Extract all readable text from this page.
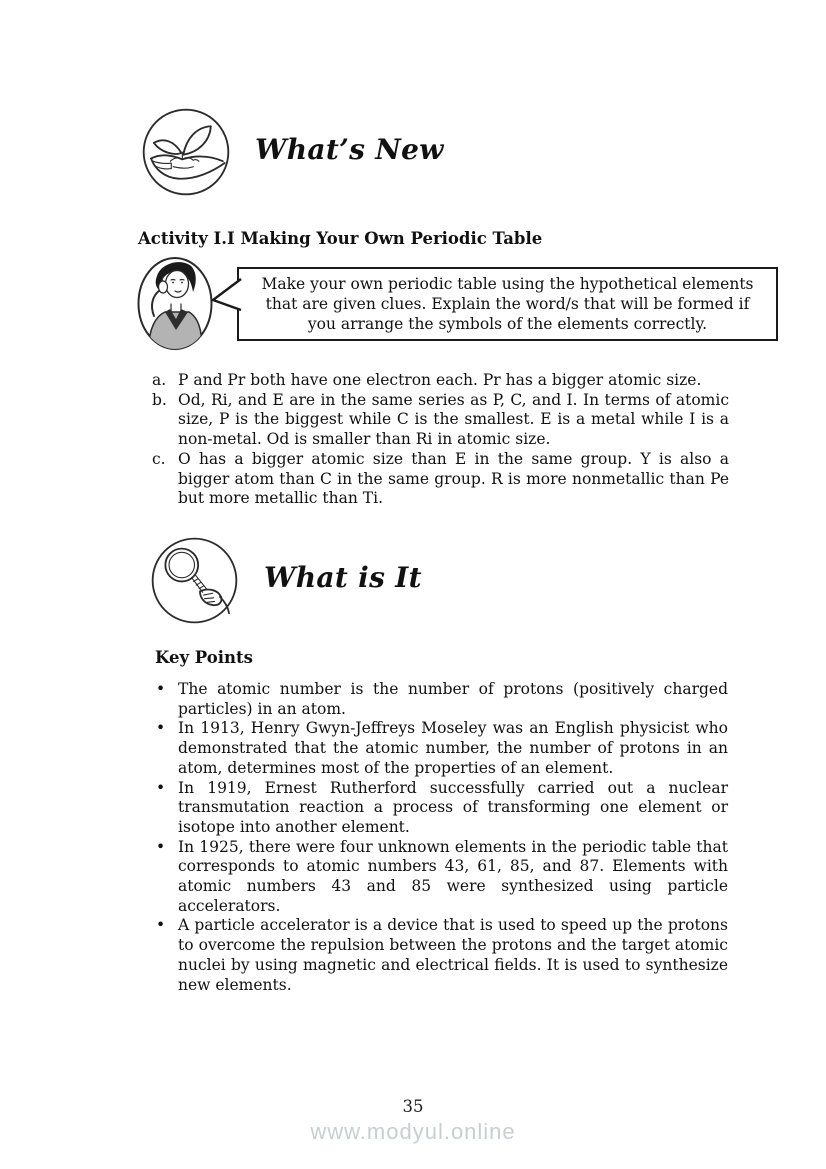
What’s New
Activity I.I Making Your Own Periodic Table

Make your own periodic table using the hypothetical elements that are given clues. Explain the word/s that will be formed if you arrange the symbols of the elements correctly.

a. P and Pr both have one electron each. Pr has a bigger atomic size.
b. Od, Ri, and E are in the same series as P, C, and I. In terms of atomic size, P is the biggest while C is the smallest. E is a metal while I is a non-metal. Od is smaller than Ri in atomic size.
c. O has a bigger atomic size than E in the same group. Y is also a bigger atom than C in the same group. R is more nonmetallic than Pe but more metallic than Ti.
What is It
Key Points
• The atomic number is the number of protons (positively charged particles) in an atom.
• In 1913, Henry Gwyn-Jeffreys Moseley was an English physicist who demonstrated that the atomic number, the number of protons in an atom, determines most of the properties of an element.
• In 1919, Ernest Rutherford successfully carried out a nuclear transmutation reaction a process of transforming one element or isotope into another element.
• In 1925, there were four unknown elements in the periodic table that corresponds to atomic numbers 43, 61, 85, and 87. Elements with atomic numbers 43 and 85 were synthesized using particle accelerators.
• A particle accelerator is a device that is used to speed up the protons to overcome the repulsion between the protons and the target atomic nuclei by using magnetic and electrical fields. It is used to synthesize new elements.
35
www.modyul.online
